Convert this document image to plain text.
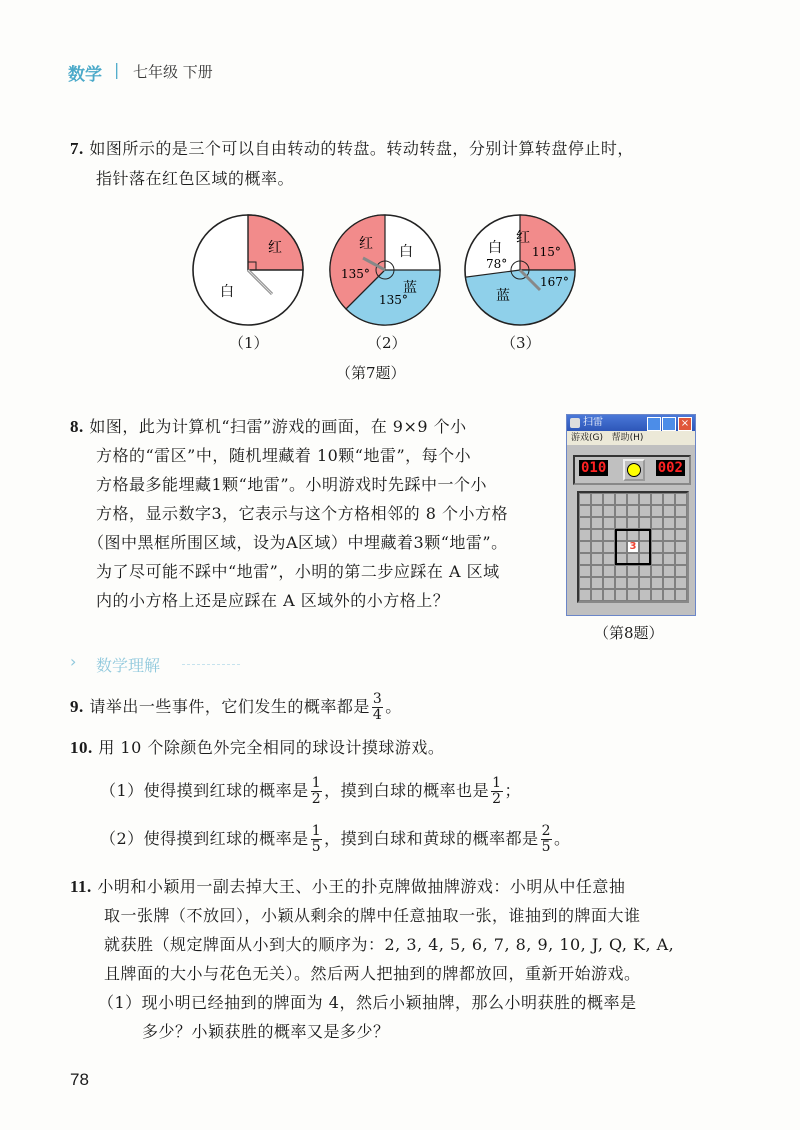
数学 | 七年级 下册
7. 如图所示的是三个可以自由转动的转盘。转动转盘，分别计算转盘停止时，
指针落在红色区域的概率。
红
白
红 白
蓝
135°
135°
白
红
蓝
78°
115°
167°
（1）	（2）	（3）
（第7题）
8. 如图，此为计算机“扫雷”游戏的画面，在 9×9 个小
方格的“雷区”中，随机埋藏着 10颗“地雷”，每个小
方格最多能埋藏1颗“地雷”。小明游戏时先踩中一个小
方格，显示数字3，它表示与这个方格相邻的 8 个小方格
（图中黑框所围区域，设为A区域）中埋藏着3颗“地雷”。
为了尽可能不踩中“地雷”，小明的第二步应踩在 A 区域
内的小方格上还是应踩在 A 区域外的小方格上？
扫雷	×
游戏(G) 帮助(H)
010	002
3
（第8题）
› 数学理解
9. 请举出一些事件，它们发生的概率都是 $\frac{3}{4}$ 。
10. 用 10 个除颜色外完全相同的球设计摸球游戏。
（1）使得摸到红球的概率是 $\frac{1}{2}$ ，摸到白球的概率也是 $\frac{1}{2}$ ；
（2）使得摸到红球的概率是 $\frac{1}{5}$ ，摸到白球和黄球的概率都是 $\frac{2}{5}$ 。
11. 小明和小颖用一副去掉大王、小王的扑克牌做抽牌游戏：小明从中任意抽
取一张牌（不放回），小颖从剩余的牌中任意抽取一张，谁抽到的牌面大谁
就获胜（规定牌面从小到大的顺序为：2, 3, 4, 5, 6, 7, 8, 9, 10, J, Q, K, A,
且牌面的大小与花色无关）。然后两人把抽到的牌都放回，重新开始游戏。
（1）现小明已经抽到的牌面为 4，然后小颖抽牌，那么小明获胜的概率是
多少？小颖获胜的概率又是多少？
78
